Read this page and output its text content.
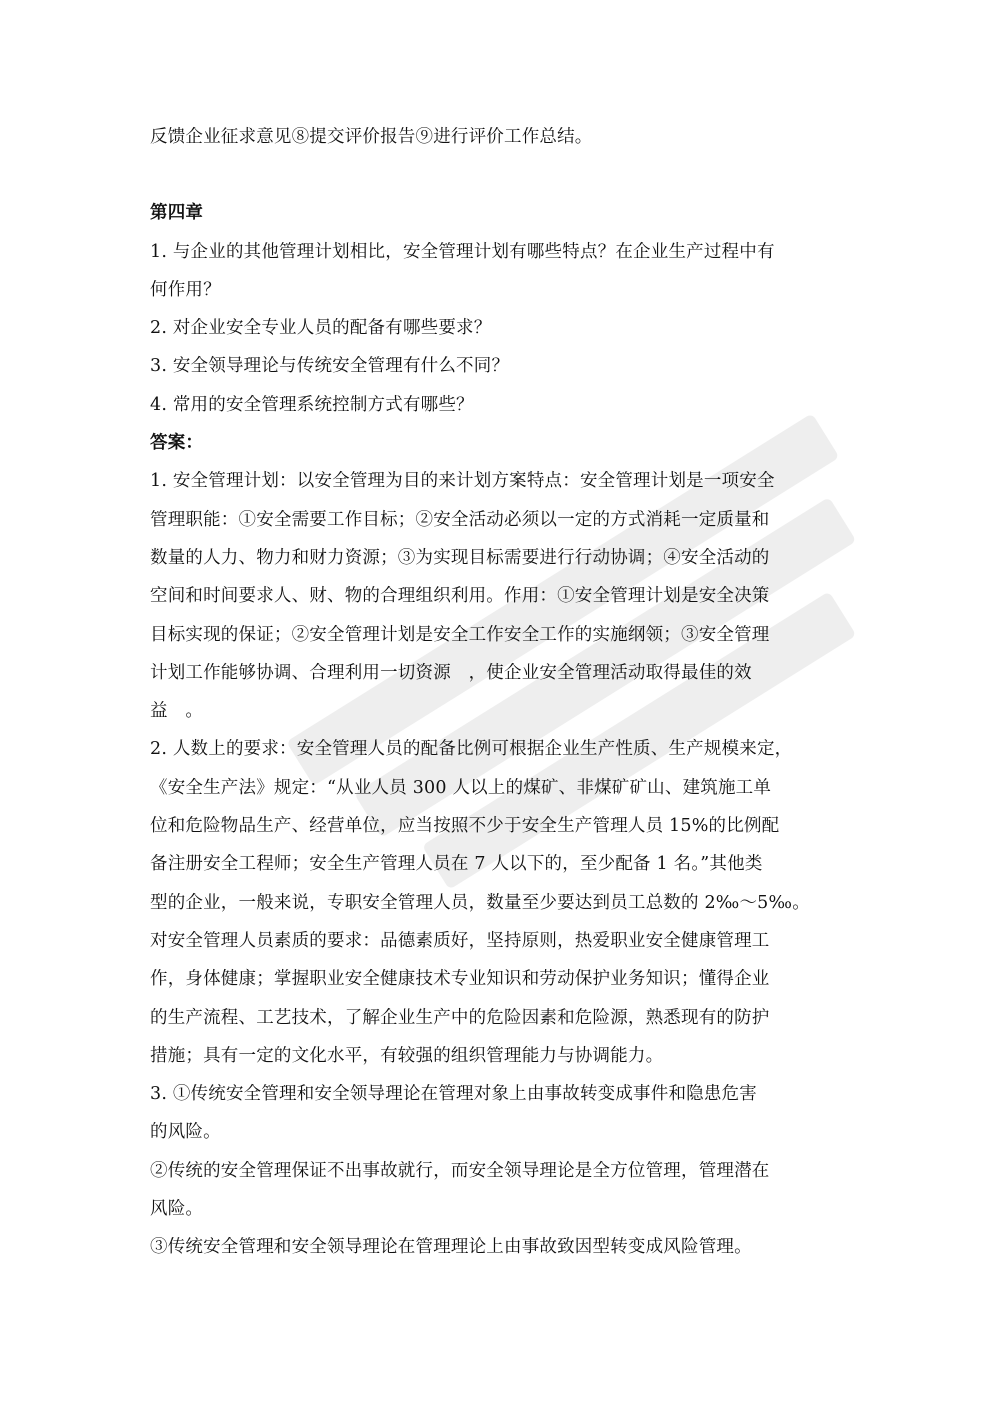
反馈企业征求意见⑧提交评价报告⑨进行评价工作总结。
第四章
1. 与企业的其他管理计划相比，安全管理计划有哪些特点？在企业生产过程中有
何作用？
2. 对企业安全专业人员的配备有哪些要求？
3. 安全领导理论与传统安全管理有什么不同？
4. 常用的安全管理系统控制方式有哪些？
答案：
1. 安全管理计划：以安全管理为目的来计划方案特点：安全管理计划是一项安全
管理职能：①安全需要工作目标；②安全活动必须以一定的方式消耗一定质量和
数量的人力、物力和财力资源；③为实现目标需要进行行动协调；④安全活动的
空间和时间要求人、财、物的合理组织利用。作用：①安全管理计划是安全决策
目标实现的保证；②安全管理计划是安全工作安全工作的实施纲领；③安全管理
计划工作能够协调、合理利用一切资源　，使企业安全管理活动取得最佳的效
益　。
2. 人数上的要求：安全管理人员的配备比例可根据企业生产性质、生产规模来定，
《安全生产法》规定：“从业人员 300 人以上的煤矿、非煤矿矿山、建筑施工单
位和危险物品生产、经营单位，应当按照不少于安全生产管理人员 15%的比例配
备注册安全工程师；安全生产管理人员在 7 人以下的，至少配备 1 名。”其他类
型的企业，一般来说，专职安全管理人员，数量至少要达到员工总数的 2‰～5‰。
对安全管理人员素质的要求：品德素质好，坚持原则，热爱职业安全健康管理工
作，身体健康；掌握职业安全健康技术专业知识和劳动保护业务知识；懂得企业
的生产流程、工艺技术，了解企业生产中的危险因素和危险源，熟悉现有的防护
措施；具有一定的文化水平，有较强的组织管理能力与协调能力。
3. ①传统安全管理和安全领导理论在管理对象上由事故转变成事件和隐患危害
的风险。
②传统的安全管理保证不出事故就行，而安全领导理论是全方位管理，管理潜在
风险。
③传统安全管理和安全领导理论在管理理论上由事故致因型转变成风险管理。
